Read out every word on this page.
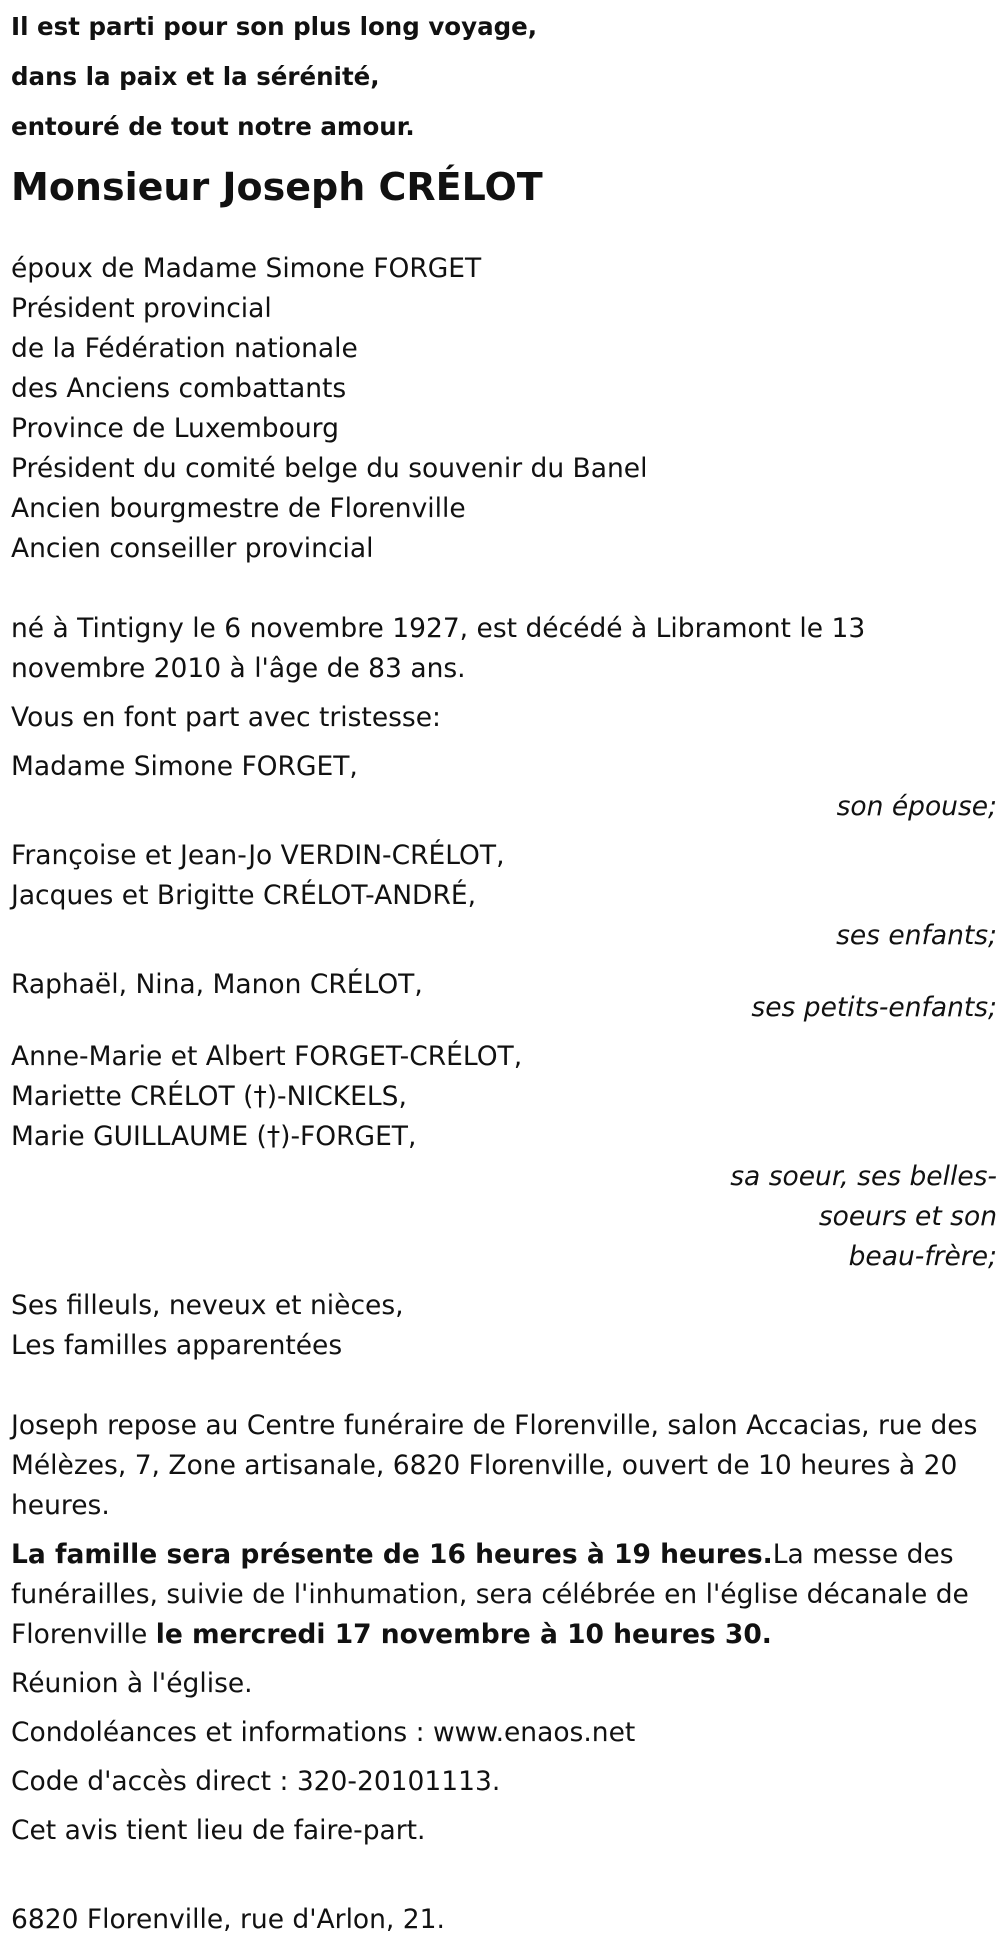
Il est parti pour son plus long voyage,
dans la paix et la sérénité,
entouré de tout notre amour.
Monsieur Joseph CRÉLOT
époux de Madame Simone FORGET
Président provincial
de la Fédération nationale
des Anciens combattants
Province de Luxembourg
Président du comité belge du souvenir du Banel
Ancien bourgmestre de Florenville
Ancien conseiller provincial

né à Tintigny le 6 novembre 1927, est décédé à Libramont le 13 novembre 2010 à l'âge de 83 ans.

Vous en font part avec tristesse:

Madame Simone FORGET,
son épouse;
Françoise et Jean-Jo VERDIN-CRÉLOT,
Jacques et Brigitte CRÉLOT-ANDRÉ,
ses enfants;
Raphaël, Nina, Manon CRÉLOT,
ses petits-enfants;
Anne-Marie et Albert FORGET-CRÉLOT,
Mariette CRÉLOT (†)-NICKELS,
Marie GUILLAUME (†)-FORGET,
sa soeur, ses belles-
soeurs et son
beau-frère;
Ses filleuls, neveux et nièces,
Les familles apparentées

Joseph repose au Centre funéraire de Florenville, salon Accacias, rue des Mélèzes, 7, Zone artisanale, 6820 Florenville, ouvert de 10 heures à 20 heures.

La famille sera présente de 16 heures à 19 heures.La messe des funérailles, suivie de l'inhumation, sera célébrée en l'église décanale de Florenville le mercredi 17 novembre à 10 heures 30.

Réunion à l'église.

Condoléances et informations : www.enaos.net

Code d'accès direct : 320-20101113.

Cet avis tient lieu de faire-part.

6820 Florenville, rue d'Arlon, 21.
